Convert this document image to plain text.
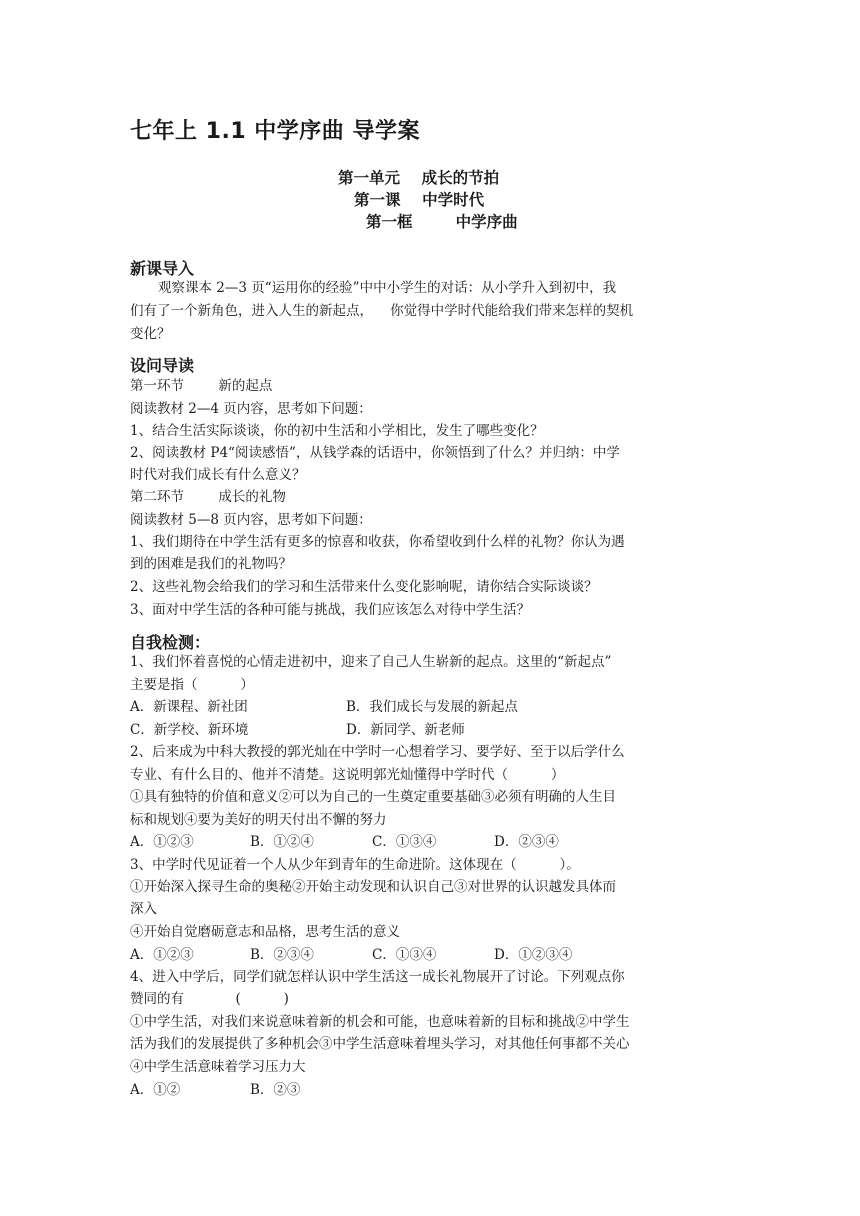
七年上 1.1 中学序曲 导学案
第一单元    成长的节拍
第一课    中学时代
第一框        中学序曲
新课导入
观察课本 2—3 页“运用你的经验”中中小学生的对话：从小学升入到初中，我
们有了一个新角色，进入人生的新起点，    你觉得中学时代能给我们带来怎样的契机
变化？
设问导读
第一环节        新的起点
阅读教材 2—4 页内容，思考如下问题：
1、结合生活实际谈谈，你的初中生活和小学相比，发生了哪些变化？
2、阅读教材 P4“阅读感悟”，从钱学森的话语中，你领悟到了什么？并归纳：中学
时代对我们成长有什么意义？
第二环节        成长的礼物
阅读教材 5—8 页内容，思考如下问题：
1、我们期待在中学生活有更多的惊喜和收获，你希望收到什么样的礼物？你认为遇
到的困难是我们的礼物吗？
2、这些礼物会给我们的学习和生活带来什么变化影响呢，请你结合实际谈谈？
3、面对中学生活的各种可能与挑战，我们应该怎么对待中学生活？
自我检测：
1、我们怀着喜悦的心情走进初中，迎来了自己人生崭新的起点。这里的“新起点”
主要是指（          ）
A．新课程、新社团	B．我们成长与发展的新起点
C．新学校、新环境	D．新同学、新老师
2、后来成为中科大教授的郭光灿在中学时一心想着学习、要学好、至于以后学什么
专业、有什么目的、他并不清楚。这说明郭光灿懂得中学时代（          ）
①具有独特的价值和意义②可以为自己的一生奠定重要基础③必须有明确的人生目
标和规划④要为美好的明天付出不懈的努力
A．①②③	B．①②④	C．①③④	D．②③④
3、中学时代见证着一个人从少年到青年的生命进阶。这体现在（          ）。
①开始深入探寻生命的奥秘②开始主动发现和认识自己③对世界的认识越发具体而
深入
④开始自觉磨砺意志和品格，思考生活的意义
A．①②③	B．②③④	C．①③④	D．①②③④
4、进入中学后，同学们就怎样认识中学生活这一成长礼物展开了讨论。下列观点你
赞同的有            (          )
①中学生活，对我们来说意味着新的机会和可能，也意味着新的目标和挑战②中学生
活为我们的发展提供了多种机会③中学生活意味着埋头学习，对其他任何事都不关心
④中学生活意味着学习压力大
A．①②	B．②③
